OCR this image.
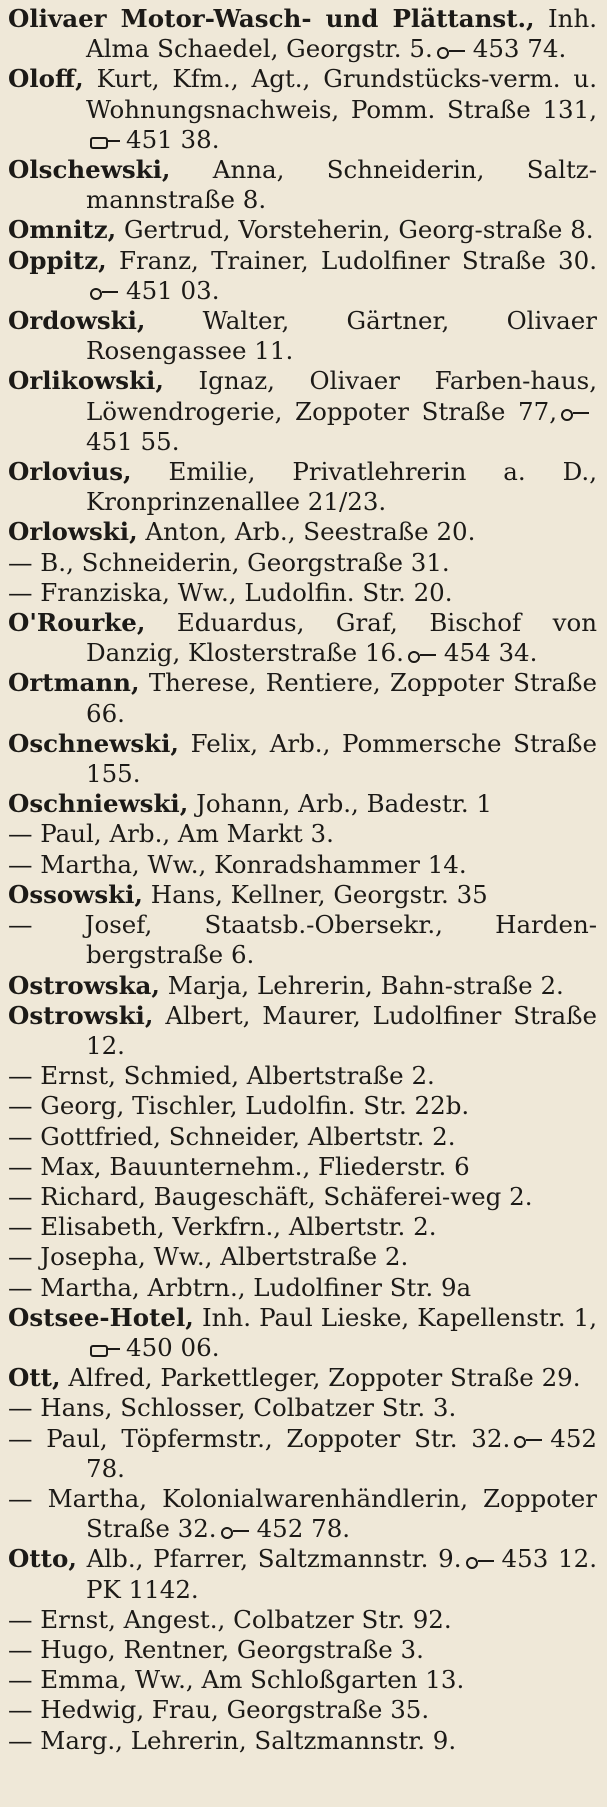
Olivaer Motor-Wasch- und Plättanst., Inh. Alma Schaedel, Georgstr. 5. 453 74.

Oloff, Kurt, Kfm., Agt., Grundstücks-verm. u. Wohnungsnachweis, Pomm. Straße 131,451 38.

Olschewski, Anna, Schneiderin, Saltz-mannstraße 8.

Omnitz, Gertrud, Vorsteherin, Georg-straße 8.

Oppitz, Franz, Trainer, Ludolfiner Straße 30.451 03.

Ordowski, Walter, Gärtner, Olivaer Rosengassee 11.

Orlikowski, Ignaz, Olivaer Farben-haus, Löwendrogerie, Zoppoter Straße 77,451 55.

Orlovius, Emilie, Privatlehrerin a. D., Kronprinzenallee 21/23.

Orlowski, Anton, Arb., Seestraße 20.

— B., Schneiderin, Georgstraße 31.

— Franziska, Ww., Ludolfin. Str. 20.

O'Rourke, Eduardus, Graf, Bischof von Danzig, Klosterstraße 16. 454 34.

Ortmann, Therese, Rentiere, Zoppoter Straße 66.

Oschnewski, Felix, Arb., Pommersche Straße 155.

Oschniewski, Johann, Arb., Badestr. 1

— Paul, Arb., Am Markt 3.

— Martha, Ww., Konradshammer 14.

Ossowski, Hans, Kellner, Georgstr. 35

— Josef, Staatsb.-Obersekr., Harden-bergstraße 6.

Ostrowska, Marja, Lehrerin, Bahn-straße 2.

Ostrowski, Albert, Maurer, Ludolfiner Straße 12.

— Ernst, Schmied, Albertstraße 2.

— Georg, Tischler, Ludolfin. Str. 22b.

— Gottfried, Schneider, Albertstr. 2.

— Max, Bauunternehm., Fliederstr. 6

— Richard, Baugeschäft, Schäferei-weg 2.

— Elisabeth, Verkfrn., Albertstr. 2.

— Josepha, Ww., Albertstraße 2.

— Martha, Arbtrn., Ludolfiner Str. 9a

Ostsee-Hotel, Inh. Paul Lieske, Kapellenstr. 1,450 06.

Ott, Alfred, Parkettleger, Zoppoter Straße 29.

— Hans, Schlosser, Colbatzer Str. 3.

— Paul, Töpfermstr., Zoppoter Str. 32. 452 78.

— Martha, Kolonialwarenhändlerin, Zoppoter Straße 32. 452 78.

Otto, Alb., Pfarrer, Saltzmannstr. 9. 453 12. PK 1142.

— Ernst, Angest., Colbatzer Str. 92.

— Hugo, Rentner, Georgstraße 3.

— Emma, Ww., Am Schloßgarten 13.

— Hedwig, Frau, Georgstraße 35.

— Marg., Lehrerin, Saltzmannstr. 9.
